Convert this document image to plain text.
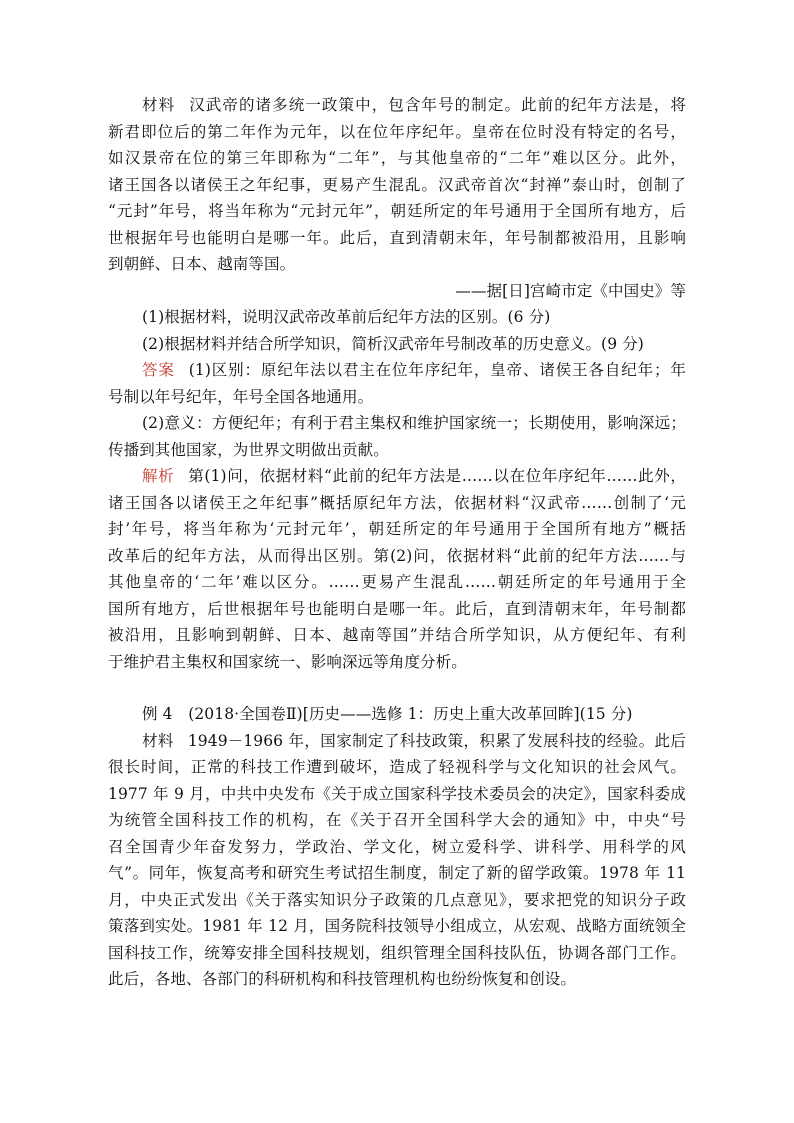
材料 汉武帝的诸多统一政策中，包含年号的制定。此前的纪年方法是，将
新君即位后的第二年作为元年，以在位年序纪年。皇帝在位时没有特定的名号，
如汉景帝在位的第三年即称为“二年”，与其他皇帝的“二年”难以区分。此外，
诸王国各以诸侯王之年纪事，更易产生混乱。汉武帝首次“封禅”泰山时，创制了
“元封”年号，将当年称为“元封元年”，朝廷所定的年号通用于全国所有地方，后
世根据年号也能明白是哪一年。此后，直到清朝末年，年号制都被沿用，且影响
到朝鲜、日本、越南等国。
——据[日]宫崎市定《中国史》等
(1)根据材料，说明汉武帝改革前后纪年方法的区别。(6 分)
(2)根据材料并结合所学知识，简析汉武帝年号制改革的历史意义。(9 分)
答案 (1)区别：原纪年法以君主在位年序纪年，皇帝、诸侯王各自纪年；年
号制以年号纪年，年号全国各地通用。
(2)意义：方便纪年；有利于君主集权和维护国家统一；长期使用，影响深远；
传播到其他国家，为世界文明做出贡献。
解析 第(1)问，依据材料“此前的纪年方法是……以在位年序纪年……此外，
诸王国各以诸侯王之年纪事”概括原纪年方法，依据材料“汉武帝……创制了‘元
封’年号，将当年称为‘元封元年’，朝廷所定的年号通用于全国所有地方”概括
改革后的纪年方法，从而得出区别。第(2)问，依据材料“此前的纪年方法……与
其他皇帝的‘二年’难以区分。……更易产生混乱……朝廷所定的年号通用于全
国所有地方，后世根据年号也能明白是哪一年。此后，直到清朝末年，年号制都
被沿用，且影响到朝鲜、日本、越南等国”并结合所学知识，从方便纪年、有利
于维护君主集权和国家统一、影响深远等角度分析。
例 4　(2018·全国卷Ⅱ)[历史——选修 1：历史上重大改革回眸](15 分)
材料 1949－1966 年，国家制定了科技政策，积累了发展科技的经验。此后
很长时间，正常的科技工作遭到破坏，造成了轻视科学与文化知识的社会风气。
1977 年 9 月，中共中央发布《关于成立国家科学技术委员会的决定》，国家科委成
为统管全国科技工作的机构，在《关于召开全国科学大会的通知》中，中央“号
召全国青少年奋发努力，学政治、学文化，树立爱科学、讲科学、用科学的风
气”。同年，恢复高考和研究生考试招生制度，制定了新的留学政策。1978 年 11
月，中央正式发出《关于落实知识分子政策的几点意见》，要求把党的知识分子政
策落到实处。1981 年 12 月，国务院科技领导小组成立，从宏观、战略方面统领全
国科技工作，统筹安排全国科技规划，组织管理全国科技队伍，协调各部门工作。
此后，各地、各部门的科研机构和科技管理机构也纷纷恢复和创设。
